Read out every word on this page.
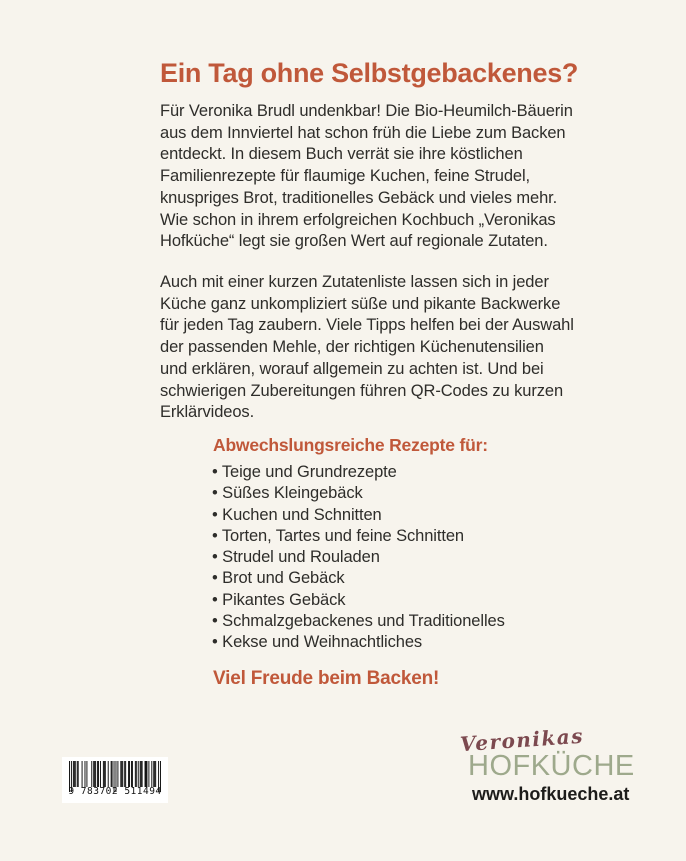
Ein Tag ohne Selbstgebackenes?
Für Veronika Brudl undenkbar! Die Bio-Heumilch-Bäuerin
aus dem Innviertel hat schon früh die Liebe zum Backen
entdeckt. In diesem Buch verrät sie ihre köstlichen
Familienrezepte für flaumige Kuchen, feine Strudel,
knuspriges Brot, traditionelles Gebäck und vieles mehr.
Wie schon in ihrem erfolgreichen Kochbuch „Veronikas
Hofküche“ legt sie großen Wert auf regionale Zutaten.
Auch mit einer kurzen Zutatenliste lassen sich in jeder
Küche ganz unkompliziert süße und pikante Backwerke
für jeden Tag zaubern. Viele Tipps helfen bei der Auswahl
der passenden Mehle, der richtigen Küchenutensilien
und erklären, worauf allgemein zu achten ist. Und bei
schwierigen Zubereitungen führen QR-Codes zu kurzen
Erklärvideos.
Abwechslungsreiche Rezepte für:
• Teige und Grundrezepte
• Süßes Kleingebäck
• Kuchen und Schnitten
• Torten, Tartes und feine Schnitten
• Strudel und Rouladen
• Brot und Gebäck
• Pikantes Gebäck
• Schmalzgebackenes und Traditionelles
• Kekse und Weihnachtliches
Viel Freude beim Backen!
9 783702 511494
Veronikas
HOFKÜCHE
www.hofkueche.at
